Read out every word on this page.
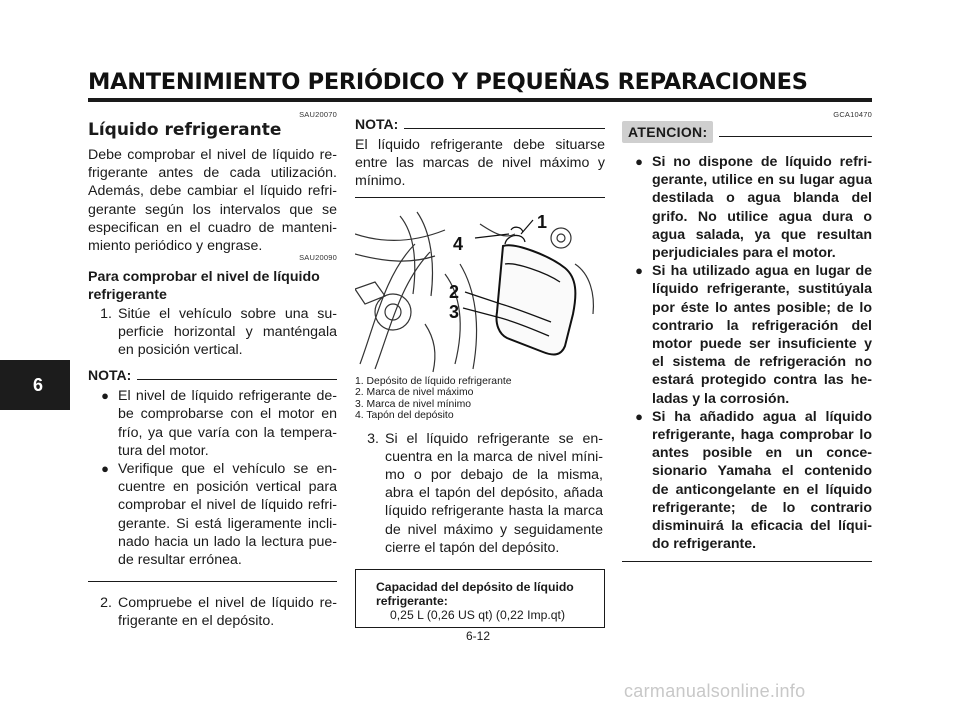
MANTENIMIENTO PERIÓDICO Y PEQUEÑAS REPARACIONES
6
SAU20070
Líquido refrigerante

Debe comprobar el nivel de líquido re-frigerante antes de cada utilización. Además, debe cambiar el líquido refri-gerante según los intervalos que se especifican en el cuadro de manteni-miento periódico y engrase.

SAU20090
Para comprobar el nivel de líquido refrigerante
1. Sitúe el vehículo sobre una su-perficie horizontal y manténgala en posición vertical.
NOTA:
● El nivel de líquido refrigerante de-be comprobarse con el motor en frío, ya que varía con la tempera-tura del motor.
● Verifique que el vehículo se en-cuentre en posición vertical para comprobar el nivel de líquido refri-gerante. Si está ligeramente incli-nado hacia un lado la lectura pue-de resultar errónea.
2. Compruebe el nivel de líquido re-frigerante en el depósito.
NOTA:

El líquido refrigerante debe situarse entre las marcas de nivel máximo y mínimo.

1
4
2
3
1. Depósito de líquido refrigerante
2. Marca de nivel máximo
3. Marca de nivel mínimo
4. Tapón del depósito
3. Si el líquido refrigerante se en-cuentra en la marca de nivel míni-mo o por debajo de la misma, abra el tapón del depósito, añada líquido refrigerante hasta la marca de nivel máximo y seguidamente cierre el tapón del depósito.
Capacidad del depósito de líquido refrigerante:
0,25 L (0,26 US qt) (0,22 Imp.qt)
GCA10470
ATENCION:
● Si no dispone de líquido refri-gerante, utilice en su lugar agua destilada o agua blanda del grifo. No utilice agua dura o agua salada, ya que resultan perjudiciales para el motor.
● Si ha utilizado agua en lugar de líquido refrigerante, sustitúyala por éste lo antes posible; de lo contrario la refrigeración del motor puede ser insuficiente y el sistema de refrigeración no estará protegido contra las he-ladas y la corrosión.
● Si ha añadido agua al líquido refrigerante, haga comprobar lo antes posible en un conce-sionario Yamaha el contenido de anticongelante en el líquido refrigerante; de lo contrario disminuirá la eficacia del líqui-do refrigerante.
6-12
carmanualsonline.info
